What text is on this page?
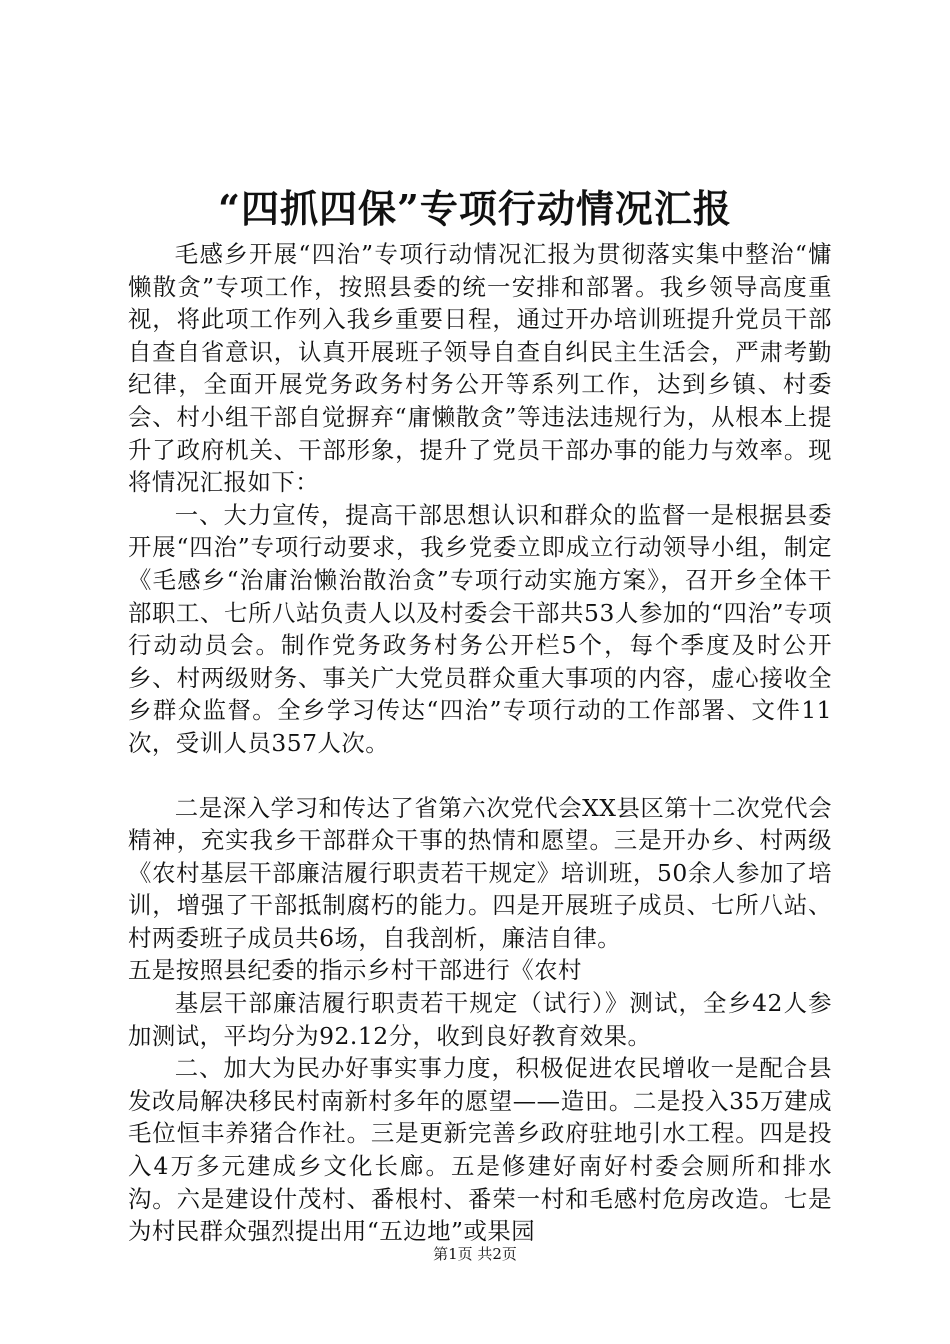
“四抓四保”专项行动情况汇报

毛感乡开展“四治”专项行动情况汇报为贯彻落实集中整治“慵懒散贪”专项工作，按照县委的统一安排和部署。我乡领导高度重视，将此项工作列入我乡重要日程，通过开办培训班提升党员干部自查自省意识，认真开展班子领导自查自纠民主生活会，严肃考勤纪律，全面开展党务政务村务公开等系列工作，达到乡镇、村委会、村小组干部自觉摒弃“庸懒散贪”等违法违规行为，从根本上提升了政府机关、干部形象，提升了党员干部办事的能力与效率。现将情况汇报如下：

一、大力宣传，提高干部思想认识和群众的监督一是根据县委开展“四治”专项行动要求，我乡党委立即成立行动领导小组，制定《毛感乡“治庸治懒治散治贪”专项行动实施方案》，召开乡全体干部职工、七所八站负责人以及村委会干部共53人参加的“四治”专项行动动员会。制作党务政务村务公开栏5个，每个季度及时公开乡、村两级财务、事关广大党员群众重大事项的内容，虚心接收全乡群众监督。全乡学习传达“四治”专项行动的工作部署、文件11次，受训人员357人次。

二是深入学习和传达了省第六次党代会XX县区第十二次党代会精神，充实我乡干部群众干事的热情和愿望。三是开办乡、村两级《农村基层干部廉洁履行职责若干规定》培训班，50余人参加了培训，增强了干部抵制腐朽的能力。四是开展班子成员、七所八站、村两委班子成员共6场，自我剖析，廉洁自律。

五是按照县纪委的指示乡村干部进行《农村

基层干部廉洁履行职责若干规定（试行）》测试，全乡42人参加测试，平均分为92.12分，收到良好教育效果。

二、加大为民办好事实事力度，积极促进农民增收一是配合县发改局解决移民村南新村多年的愿望——造田。二是投入35万建成毛位恒丰养猪合作社。三是更新完善乡政府驻地引水工程。四是投入4万多元建成乡文化长廊。五是修建好南好村委会厕所和排水沟。六是建设什茂村、番根村、番荣一村和毛感村危房改造。七是为村民群众强烈提出用“五边地”或果园

第1页 共2页
